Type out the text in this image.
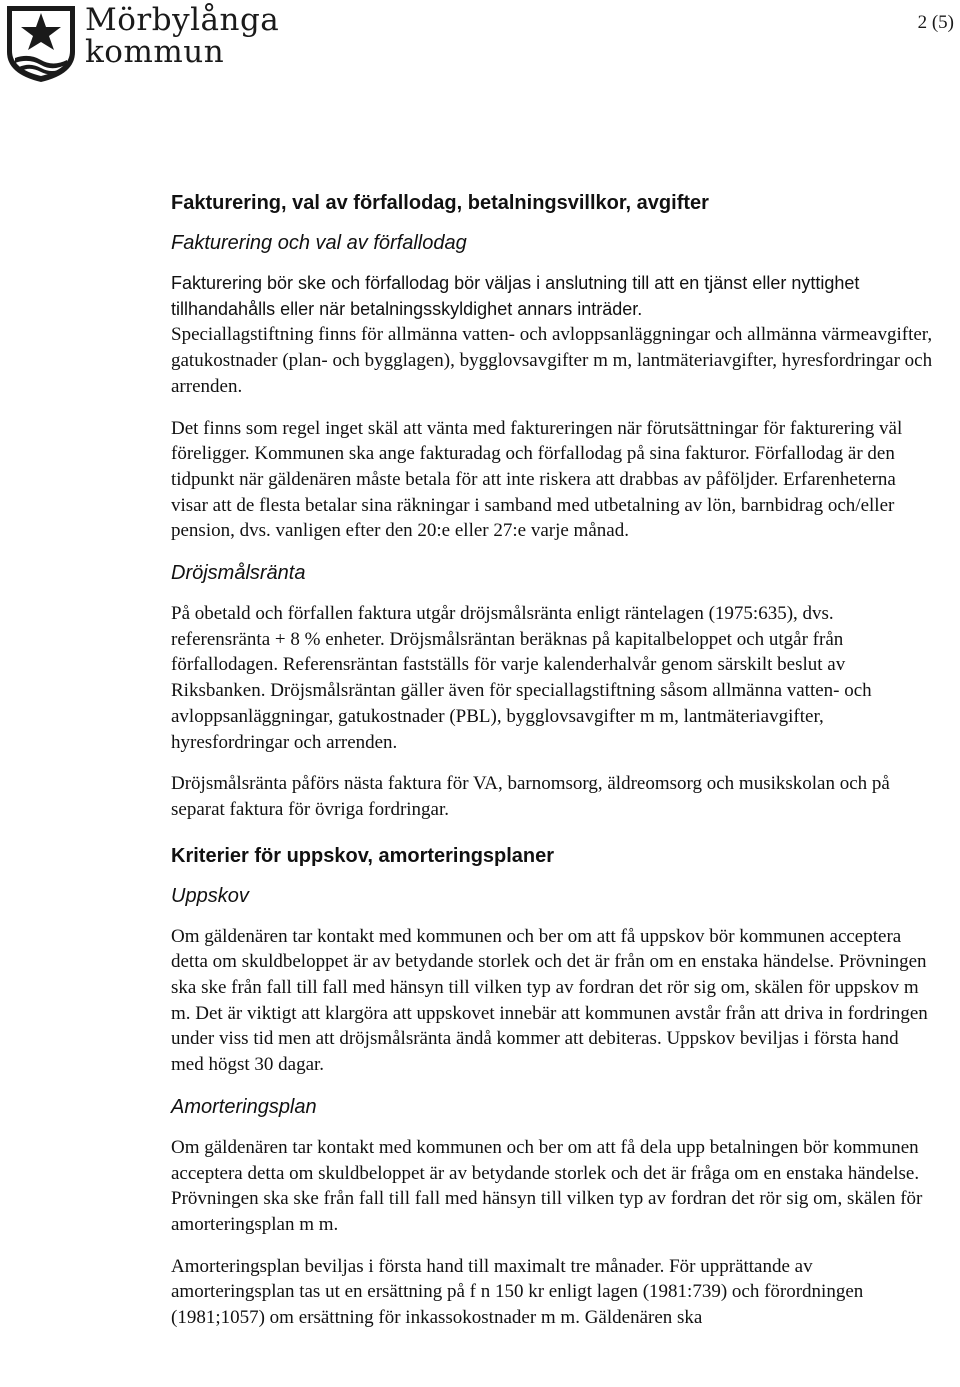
Mörbylånga
kommun
2 (5)
Fakturering, val av förfallodag, betalningsvillkor, avgifter
Fakturering och val av förfallodag

Fakturering bör ske och förfallodag bör väljas i anslutning till att en tjänst eller nyttighet tillhandahålls eller när betalningsskyldighet annars inträder.
Speciallagstiftning finns för allmänna vatten- och avloppsanläggningar och allmänna värmeavgifter, gatukostnader (plan- och bygglagen), bygglovsavgifter m m, lantmäteriavgifter, hyresfordringar och arrenden.

Det finns som regel inget skäl att vänta med faktureringen när förutsättningar för fakturering väl föreligger. Kommunen ska ange fakturadag och förfallodag på sina fakturor. Förfallodag är den tidpunkt när gäldenären måste betala för att inte riskera att drabbas av påföljder. Erfarenheterna visar att de flesta betalar sina räkningar i samband med utbetalning av lön, barnbidrag och/eller pension, dvs. vanligen efter den 20:e eller 27:e varje månad.

Dröjsmålsränta

På obetald och förfallen faktura utgår dröjsmålsränta enligt räntelagen (1975:635), dvs. referensränta + 8 % enheter. Dröjsmålsräntan beräknas på kapitalbeloppet och utgår från förfallodagen. Referensräntan fastställs för varje kalenderhalvår genom särskilt beslut av Riksbanken. Dröjsmålsräntan gäller även för speciallagstiftning såsom allmänna vatten- och avloppsanläggningar, gatukostnader (PBL), bygglovsavgifter m m, lantmäteriavgifter, hyresfordringar och arrenden.

Dröjsmålsränta påförs nästa faktura för VA, barnomsorg, äldreomsorg och musikskolan och på separat faktura för övriga fordringar.

Kriterier för uppskov, amorteringsplaner
Uppskov

Om gäldenären tar kontakt med kommunen och ber om att få uppskov bör kommunen acceptera detta om skuldbeloppet är av betydande storlek och det är från om en enstaka händelse. Prövningen ska ske från fall till fall med hänsyn till vilken typ av fordran det rör sig om, skälen för uppskov m m. Det är viktigt att klargöra att uppskovet innebär att kommunen avstår från att driva in fordringen under viss tid men att dröjsmålsränta ändå kommer att debiteras. Uppskov beviljas i första hand med högst 30 dagar.

Amorteringsplan

Om gäldenären tar kontakt med kommunen och ber om att få dela upp betalningen bör kommunen acceptera detta om skuldbeloppet är av betydande storlek och det är fråga om en enstaka händelse. Prövningen ska ske från fall till fall med hänsyn till vilken typ av fordran det rör sig om, skälen för amorteringsplan m m.

Amorteringsplan beviljas i första hand till maximalt tre månader. För upprättande av amorteringsplan tas ut en ersättning på f n 150 kr enligt lagen (1981:739) och förordningen (1981;1057) om ersättning för inkassokostnader m m. Gäldenären ska
